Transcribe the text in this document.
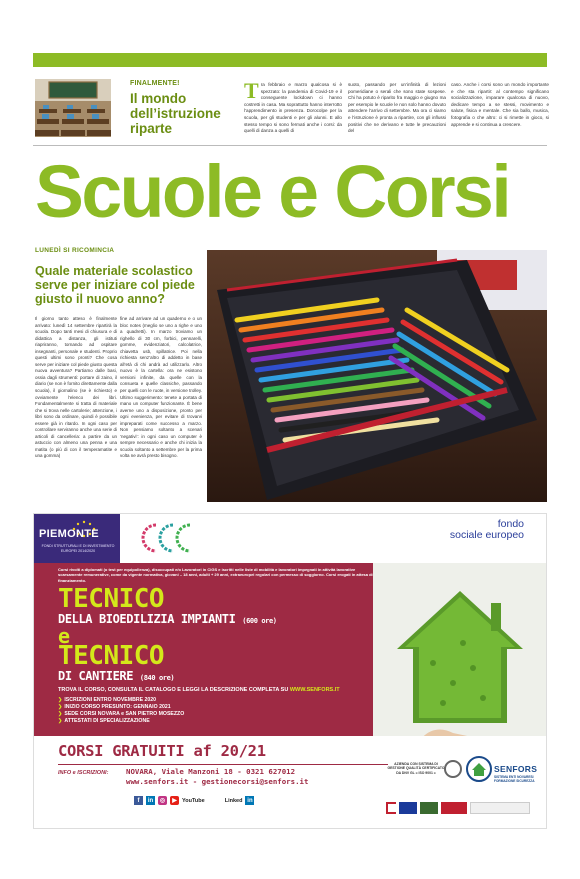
FINALMENTE!
Il mondo dell’istruzione riparte
Tra febbraio e marzo qualcosa si è spezzato: la pandemia di Covid-19 e il conseguente lockdown ci hanno costretti in casa. Ma soprattutto hanno interrotto l’apprendimento in presenza. Dorocolpe per la scuola, per gli studenti e per gli alunni. E allo stesso tempo si sono fermati anche i corsi: da quelli di danza a quelli di
suoto, passando per un’infinità di lezioni pomeridiane o serali che sono state sospese. Chi ha potuto è riparito fra maggio e giugno ma per esempio le scuole le non solo hanno dovuto attendere l’arrivo di settembre. Ma ora ci siamo e l’istruzione è pronta a ripartire, con gli influssi positivi che ne derivano e tutte le precauzioni del
caso. Anche i corsi sono un mondo importante e che sta ripartir: al contempo significano socializzazione, imparare qualcosa di nuovo, dedicare tempo a se stessi, movimento e salute, fisica e mentale. Che sia ballo, musica, fotografia o che altro: ci si rimette in gioco, si apprende e si continua a crescere.
Scuole e Corsi
LUNEDÌ SI RICOMINCIA
Quale materiale scolastico serve per iniziare col piede giusto il nuovo anno?
Il giorno tanto atteso è finalmente arrivato: lunedì 14 settembre ripartirà la scuola. Dopo tanti mesi di chiusura e di didattica a distanza, gli istituti riapriranno, tornando ad ospitare insegnanti, personale e studenti. Proprio questi ultimi sono pronti? Che cosa serve per iniziare col piede giusto questa nuova avventura? Partiamo dalle basi, ossia dagli strumenti: portare di zaino, il diario (se non è fornito direttamente dalla scuola), il giornalino (se è richiesto) e ovviamente l’elenco dei libri. Fondamentalmente si tratta di materiale che si trova nelle cartolerie; attenzione, i libri sono da ordinare, quindi è possibile essere già in ritardo. In ogni caso per controllare serviranno anche una serie di articoli di cancelleria: a partire da un astuccio con almeno una penna e una matita (o più di con il temperamatite e una gomma)
fine ad arrivare ad un quaderno e o un bloc notes (meglio se uno a righe e uno a quadretti). In marzo troviamo un righello di 30 cm, forbici, pennarelli, gomme, evidenziatori, calcolatrice, chiavetta usb, spillatrice. Poi nella richiesta senz’altro di addetto in base all’età di chi andrà ad utilizzarlo. Altro nuovo è la cartella: ora ne esistono versioni infinite, da quelle con la consueta e quelle classiche, passando per quelli con le ruote, in versione trolley. Ultimo suggerimento: tenete a portata di mano un computer funzionante. È bene averne uno a disposizione, pronto per ogni evenienza, per evitare di trovarvi impreparati come successo a marzo. Non pensiamo soltanto a scenari ‘negativi’: in ogni caso un computer è sempre necessario e anche chi inizia la scuola soltanto a settembre per la prima volta ne avrà presto bisogno.
PIEMONTE
FONDI STRUTTURALI E DI INVESTIMENTO EUROPEI 2014/2020
fondo
sociale europeo
Corsi rivolti a diplomati (o test per equipollenza), disoccupati e/o Lavoratori in CIGS e iscritti nelle liste di mobilità e lavoratori impegnati in attività lavorative scarsamente remunerative, come da vigente normativa, giovani – 18 anni, adulti + 29 anni, extraeuropei regolari con permesso di soggiorno. Corsi erogati in attesa di finanziamento.
TECNICO
DELLA BIOEDILIZIA IMPIANTI (600 ore)
e
TECNICO
DI CANTIERE (840 ore)
TROVA IL CORSO, CONSULTA IL CATALOGO E LEGGI LA DESCRIZIONE COMPLETA SU WWW.SENFORS.IT
❯ ISCRIZIONI ENTRO NOVEMBRE 2020
❯ INIZIO CORSO PRESUNTO: GENNAIO 2021
❯ SEDE CORSI NOVARA e SAN PIETRO MOSEZZO
❯ ATTESTATI DI SPECIALIZZAZIONE
CORSI GRATUITI af 20/21
INFO e ISCRIZIONI: NOVARA, Viale Manzoni 18 - 0321 627012
www.senfors.it - gestionecorsi@senfors.it
f	in	◎	▶ YouTube	Linked in
AZIENDA CON SISTEMA DI GESTIONE QUALITÀ CERTIFICATO DA DNV GL = ISO 9001 =	SENFORS
SISTEMA ENTI NOVARESI FORMAZIONE SICUREZZA
